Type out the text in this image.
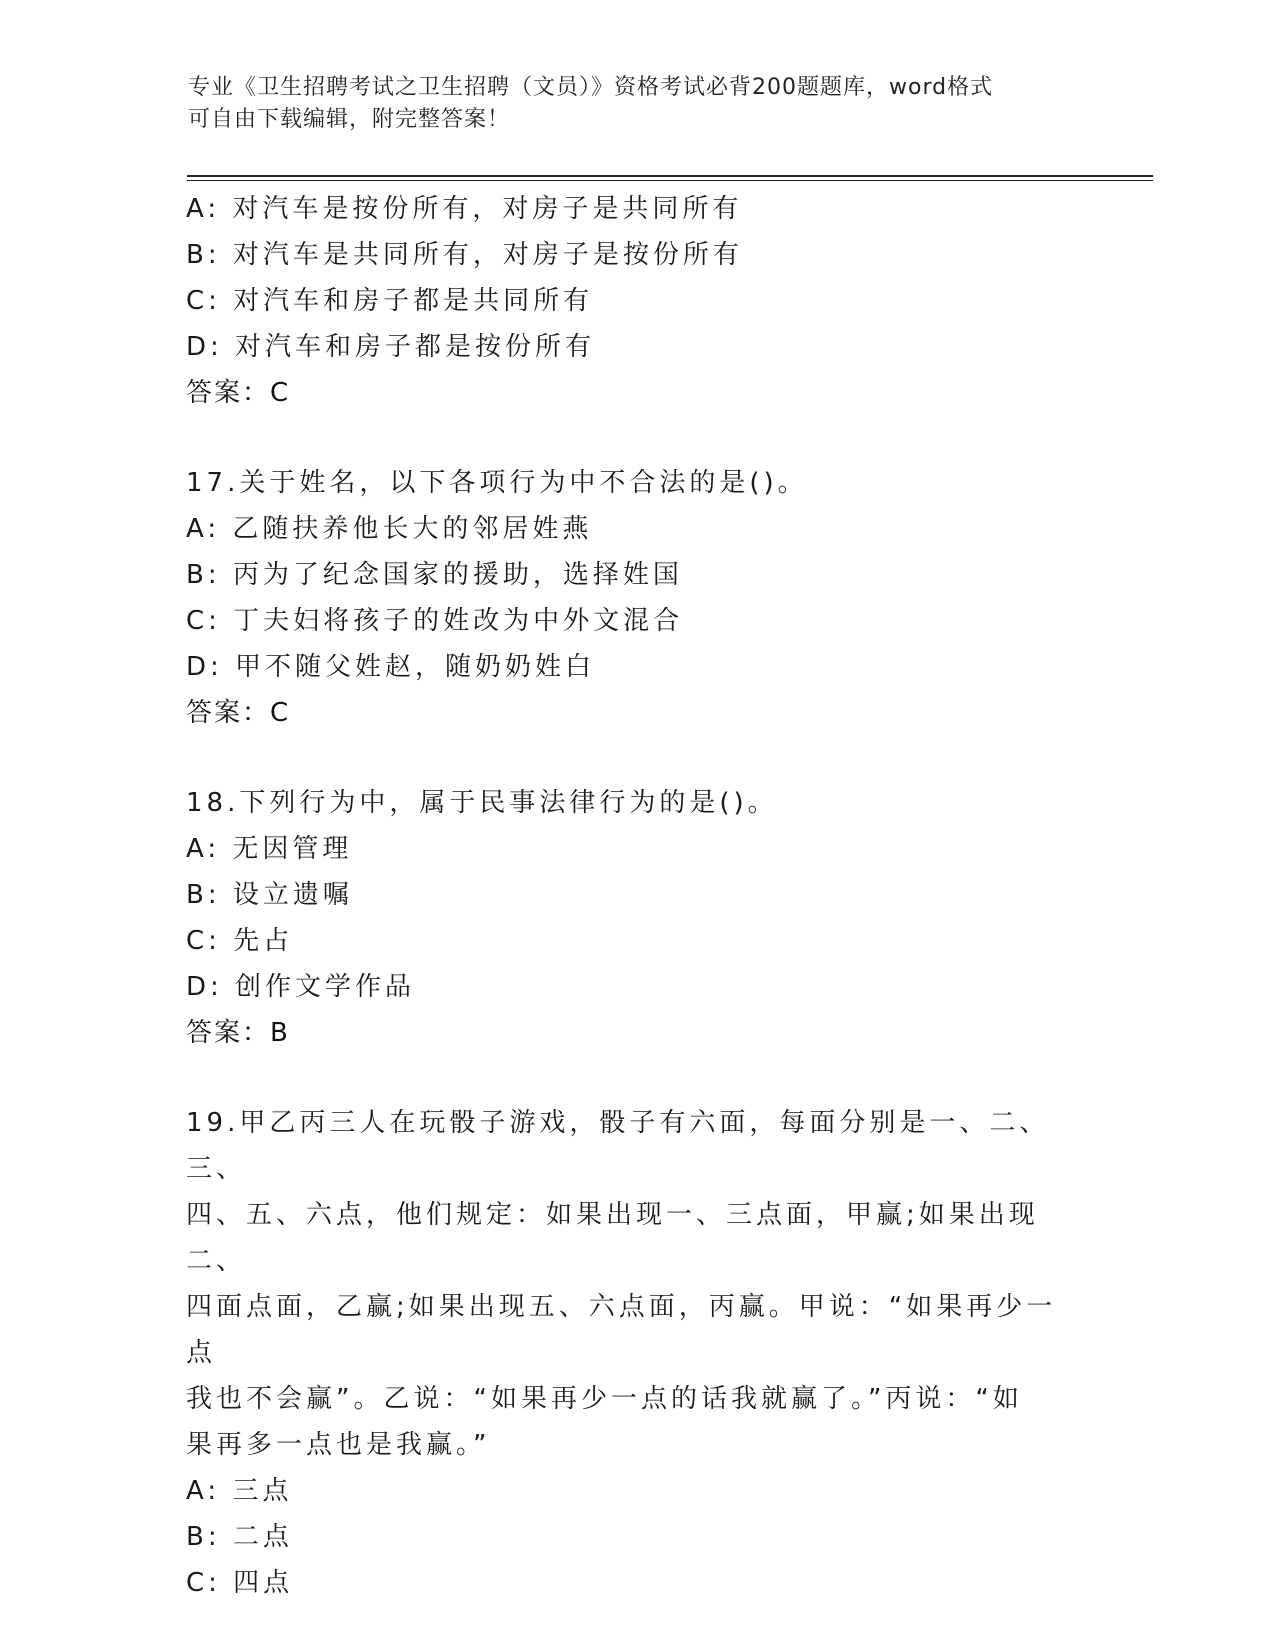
专业《卫生招聘考试之卫生招聘（文员）》资格考试必背200题题库，word格式
可自由下载编辑，附完整答案！
A: 对汽车是按份所有，对房子是共同所有
B: 对汽车是共同所有，对房子是按份所有
C: 对汽车和房子都是共同所有
D: 对汽车和房子都是按份所有
答案：C
17.关于姓名，以下各项行为中不合法的是()。
A: 乙随扶养他长大的邻居姓燕
B: 丙为了纪念国家的援助，选择姓国
C: 丁夫妇将孩子的姓改为中外文混合
D: 甲不随父姓赵，随奶奶姓白
答案：C
18.下列行为中，属于民事法律行为的是()。
A: 无因管理
B: 设立遗嘱
C: 先占
D: 创作文学作品
答案：B
19.甲乙丙三人在玩骰子游戏，骰子有六面，每面分别是一、二、三、
四、五、六点，他们规定：如果出现一、三点面，甲赢;如果出现二、
四面点面，乙赢;如果出现五、六点面，丙赢。甲说：“如果再少一点
我也不会赢”。乙说：“如果再少一点的话我就赢了。”丙说：“如
果再多一点也是我赢。”
A: 三点
B: 二点
C: 四点
